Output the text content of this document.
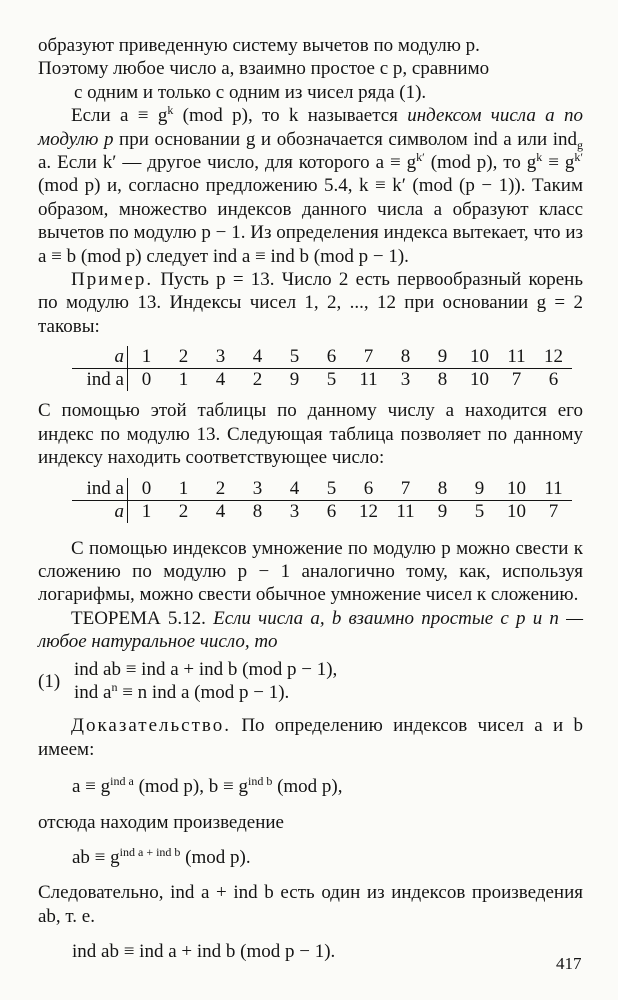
образуют приведенную систему вычетов по модулю p.
Поэтому любое число a, взаимно простое с p, сравнимо
с одним и только с одним из чисел ряда (1).

Если $a \equiv g^k$ (mod p), то k называется индексом числа a по модулю p при основании g и обозначается символом ind a или ind$_g$ a. Если k′ — другое число, для которого $a \equiv g^{k'}$ (mod p), то $g^k \equiv g^{k'}$ (mod p) и, согласно предложению 5.4, k ≡ k′ (mod (p − 1)). Таким образом, множество индексов данного числа a образуют класс вычетов по модулю p − 1. Из определения индекса вытекает, что из a ≡ b (mod p) следует ind a ≡ ind b (mod p − 1).

Пример. Пусть p = 13. Число 2 есть первообразный корень по модулю 13. Индексы чисел 1, 2, ..., 12 при основании g = 2 таковы:

a	1	2	3	4	5	6	7	8	9	10	11	12
ind a	0	1	4	2	9	5	11	3	8	10	7	6

С помощью этой таблицы по данному числу a находится его индекс по модулю 13. Следующая таблица позволяет по данному индексу находить соответствующее число:

ind a	0	1	2	3	4	5	6	7	8	9	10	11
a	1	2	4	8	3	6	12	11	9	5	10	7

С помощью индексов умножение по модулю p можно свести к сложению по модулю p − 1 аналогично тому, как, используя логарифмы, можно свести обычное умножение чисел к сложению.

ТЕОРЕМА 5.12. Если числа a, b взаимно простые с p и n — любое натуральное число, то

(1)
ind ab ≡ ind a + ind b (mod p − 1),
ind $a^n \equiv n$ ind a (mod p − 1).

Доказательство. По определению индексов чисел a и b имеем:

$a \equiv g^{ind a}$ (mod p), $b \equiv g^{ind b}$ (mod p),

отсюда находим произведение

ab ≡ $g^{ind a + ind b}$ (mod p).

Следовательно, ind a + ind b есть один из индексов произведения ab, т. е.

ind ab ≡ ind a + ind b (mod p − 1).
417
